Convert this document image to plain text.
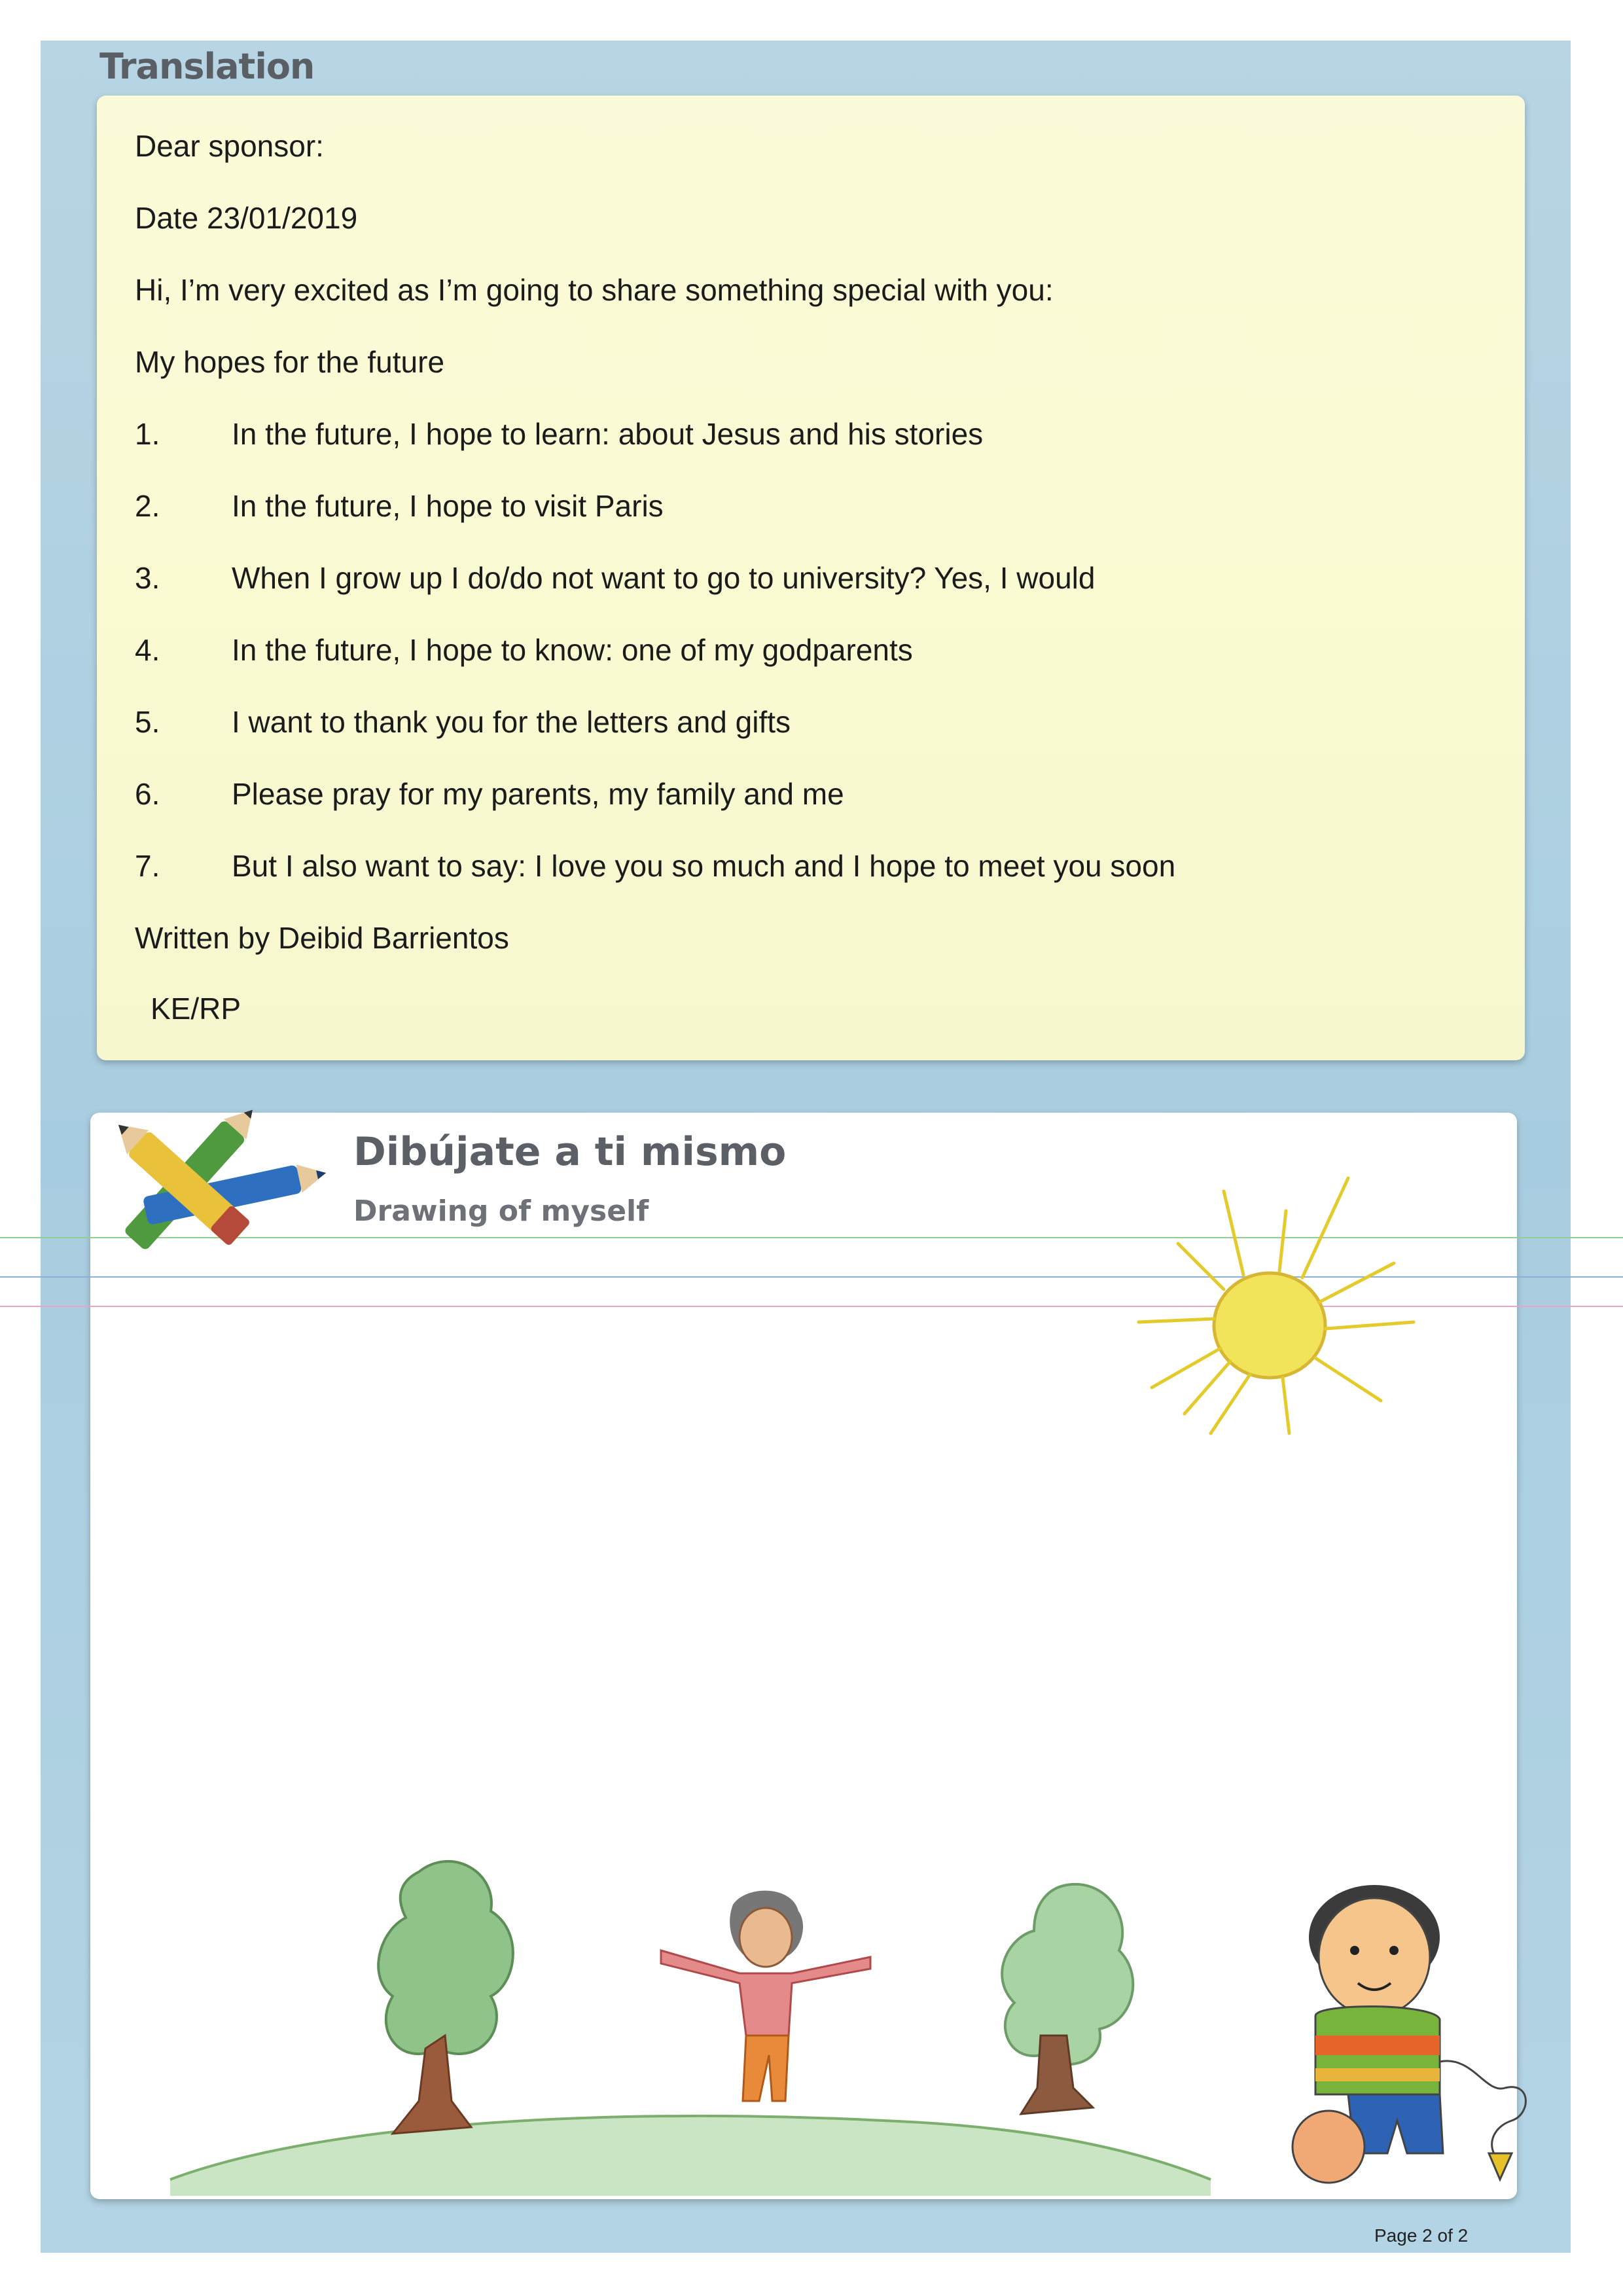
Translation
Dear sponsor:
Date 23/01/2019
Hi, I’m very excited as I’m going to share something special with you:
My hopes for the future
1. In the future, I hope to learn: about Jesus and his stories
2. In the future, I hope to visit Paris
3. When I grow up I do/do not want to go to university? Yes, I would
4. In the future, I hope to know: one of my godparents
5. I want to thank you for the letters and gifts
6. Please pray for my parents, my family and me
7. But I also want to say: I love you so much and I hope to meet you soon
Written by Deibid Barrientos
KE/RP
Dibújate a ti mismo
Drawing of myself
Page 2 of 2
